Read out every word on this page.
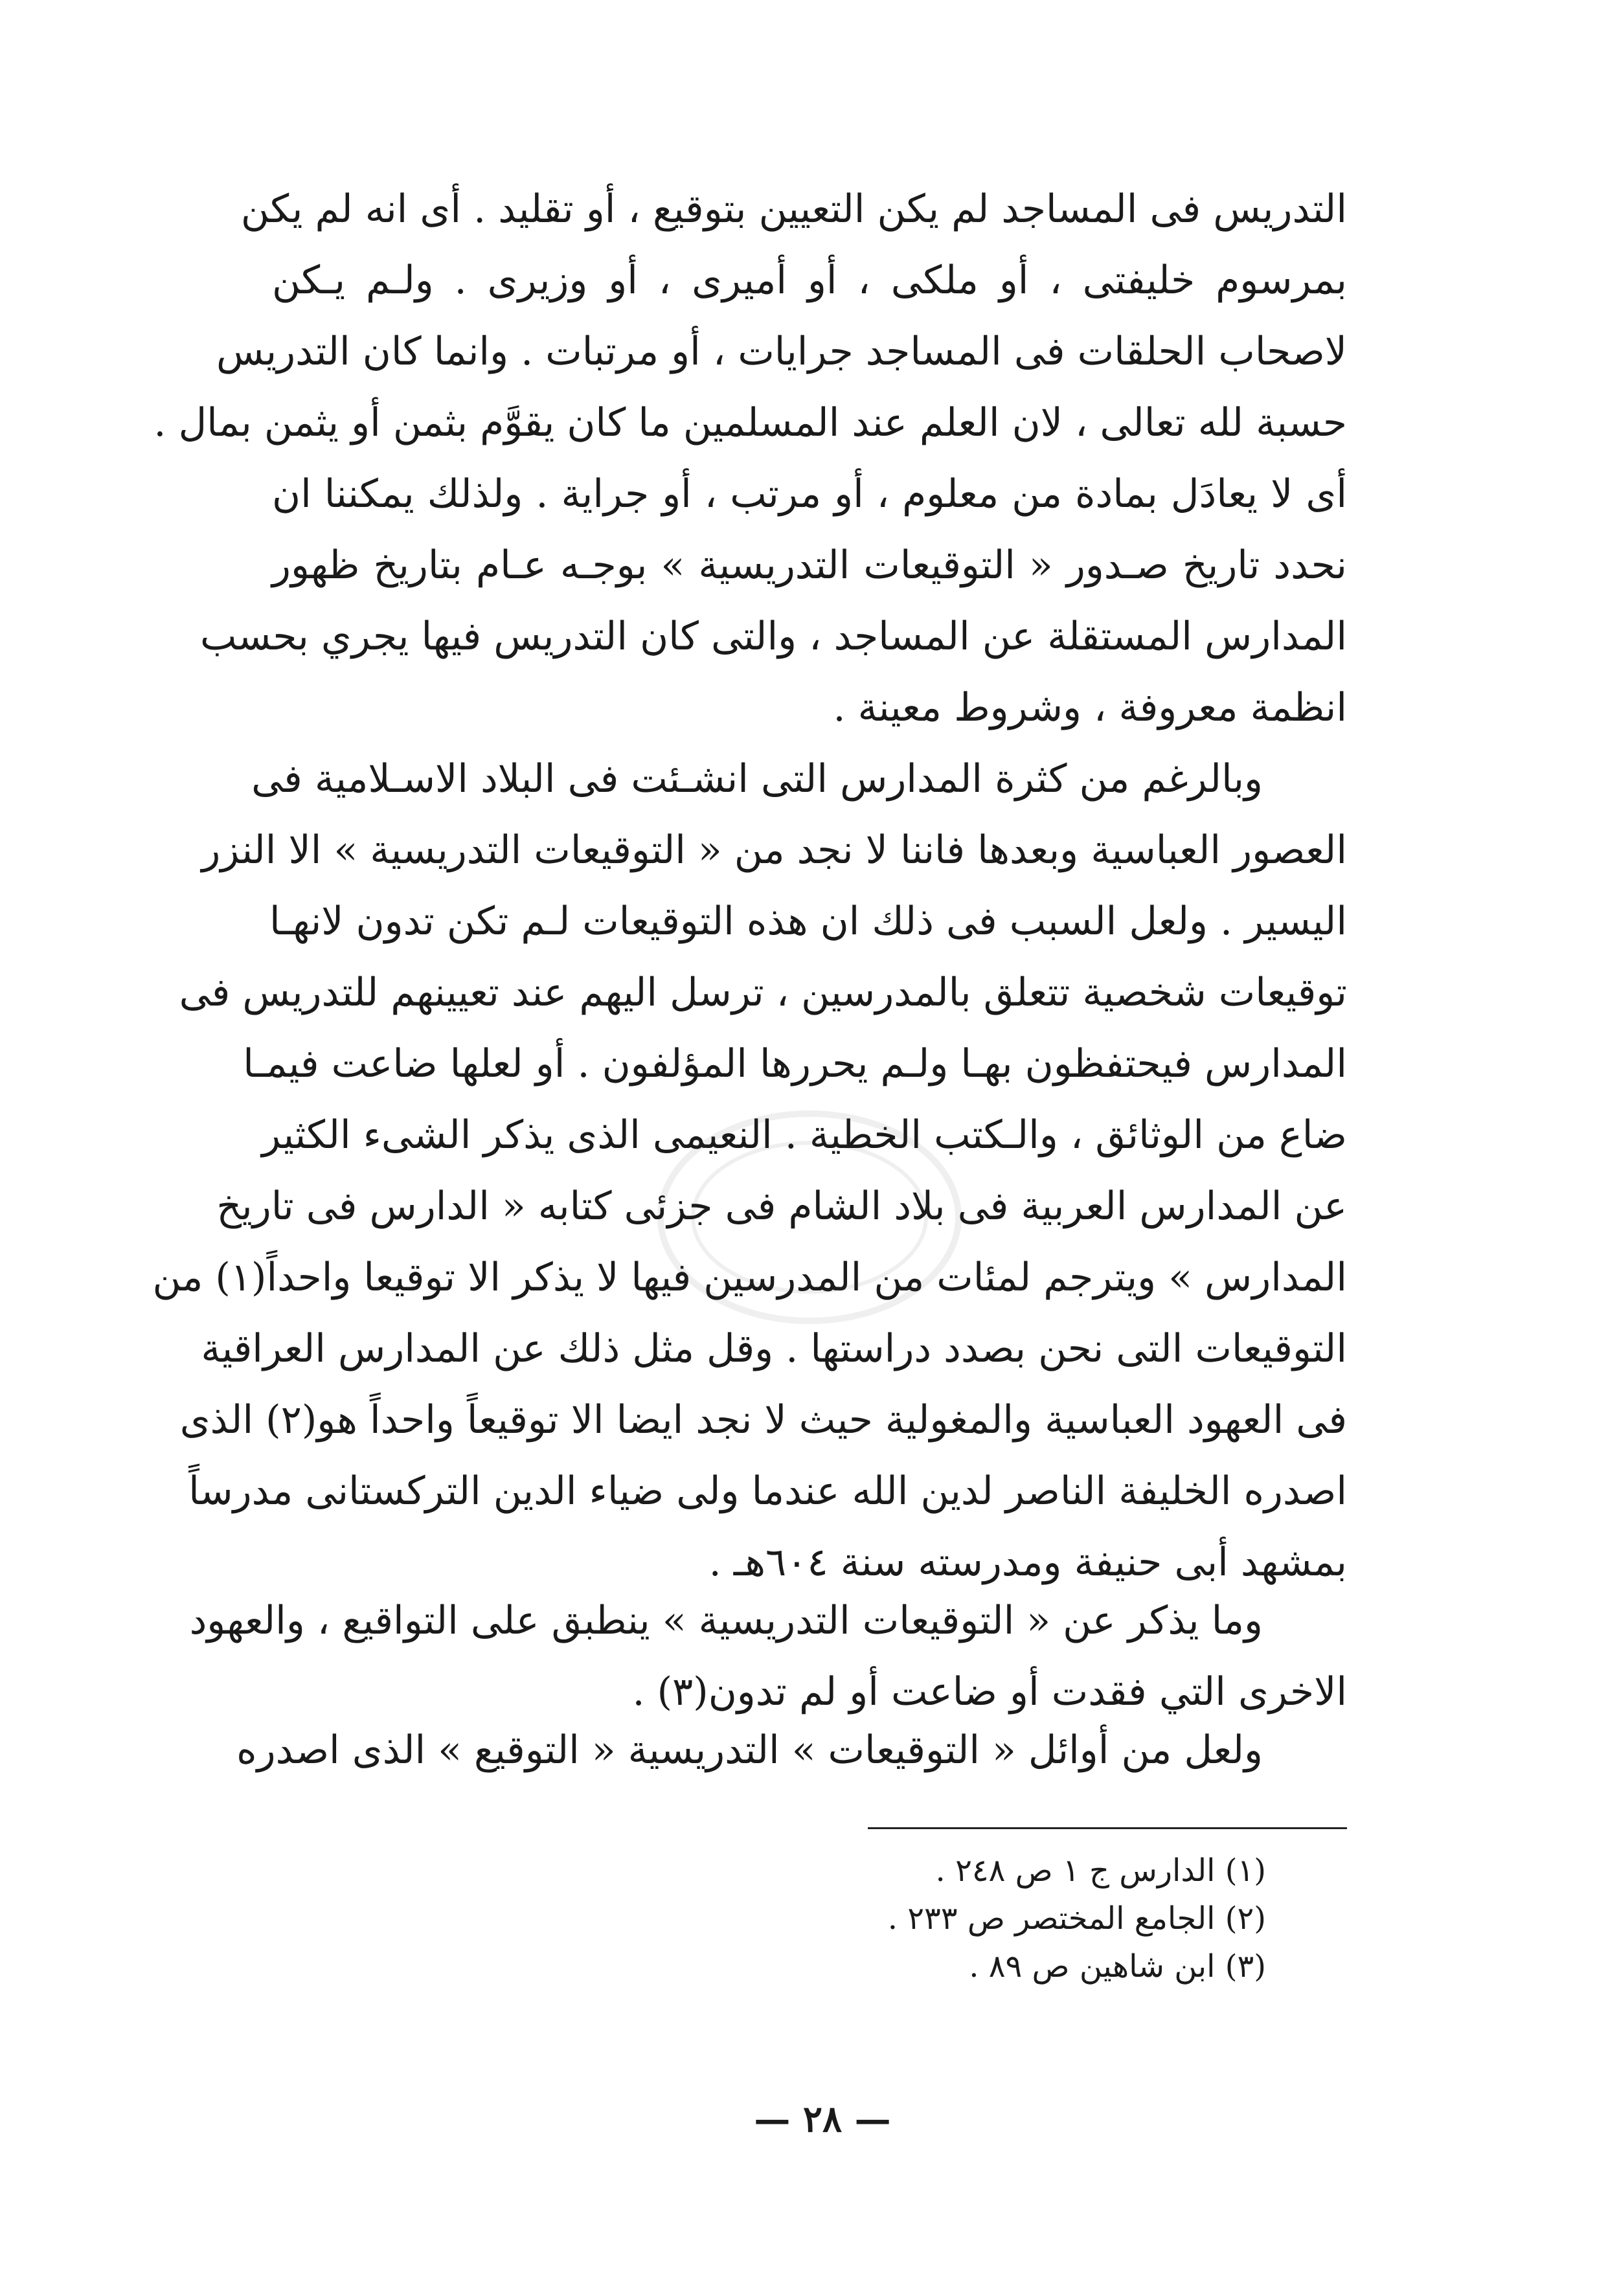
التدريس فى المساجد لم يكن التعيين بتوقيع ، أو تقليد . أى انه لم يكن
بمرسوم خليفتى ، أو ملكى ، أو أميرى ، أو وزيرى . ولـم يـكن
لاصحاب الحلقات فى المساجد جرايات ، أو مرتبات . وانما كان التدريس
حسبة لله تعالى ، لان العلم عند المسلمين ما كان يقوَّم بثمن أو يثمن بمال .
أى لا يعادَل بمادة من معلوم ، أو مرتب ، أو جراية . ولذلك يمكننا ان
نحدد تاريخ صـدور « التوقيعات التدريسية » بوجـه عـام بتاريخ ظهور
المدارس المستقلة عن المساجد ، والتى كان التدريس فيها يجري بحسب
انظمة معروفة ، وشروط معينة .
وبالرغم من كثرة المدارس التى انشـئت فى البلاد الاسـلامية فى
العصور العباسية وبعدها فاننا لا نجد من « التوقيعات التدريسية » الا النزر
اليسير . ولعل السبب فى ذلك ان هذه التوقيعات لـم تكن تدون لانهـا
توقيعات شخصية تتعلق بالمدرسين ، ترسل اليهم عند تعيينهم للتدريس فى
المدارس فيحتفظون بهـا ولـم يحررها المؤلفون . أو لعلها ضاعت فيمـا
ضاع من الوثائق ، والـكتب الخطية . النعيمى الذى يذكر الشىء الكثير
عن المدارس العربية فى بلاد الشام فى جزئى كتابه « الدارس فى تاريخ
المدارس » ويترجم لمئات من المدرسين فيها لا يذكر الا توقيعا واحداً(١) من
التوقيعات التى نحن بصدد دراستها . وقل مثل ذلك عن المدارس العراقية
فى العهود العباسية والمغولية حيث لا نجد ايضا الا توقيعاً واحداً هو(٢) الذى
اصدره الخليفة الناصر لدين الله عندما ولى ضياء الدين التركستانى مدرساً
بمشهد أبى حنيفة ومدرسته سنة ٦٠٤هـ .
وما يذكر عن « التوقيعات التدريسية » ينطبق على التواقيع ، والعهود
الاخرى التي فقدت أو ضاعت أو لم تدون(٣) .
ولعل من أوائل « التوقيعات » التدريسية « التوقيع » الذى اصدره
(١) الدارس ج ١ ص ٢٤٨ .
(٢) الجامع المختصر ص ٢٣٣ .
(٣) ابن شاهين ص ٨٩ .
— ٢٨ —
